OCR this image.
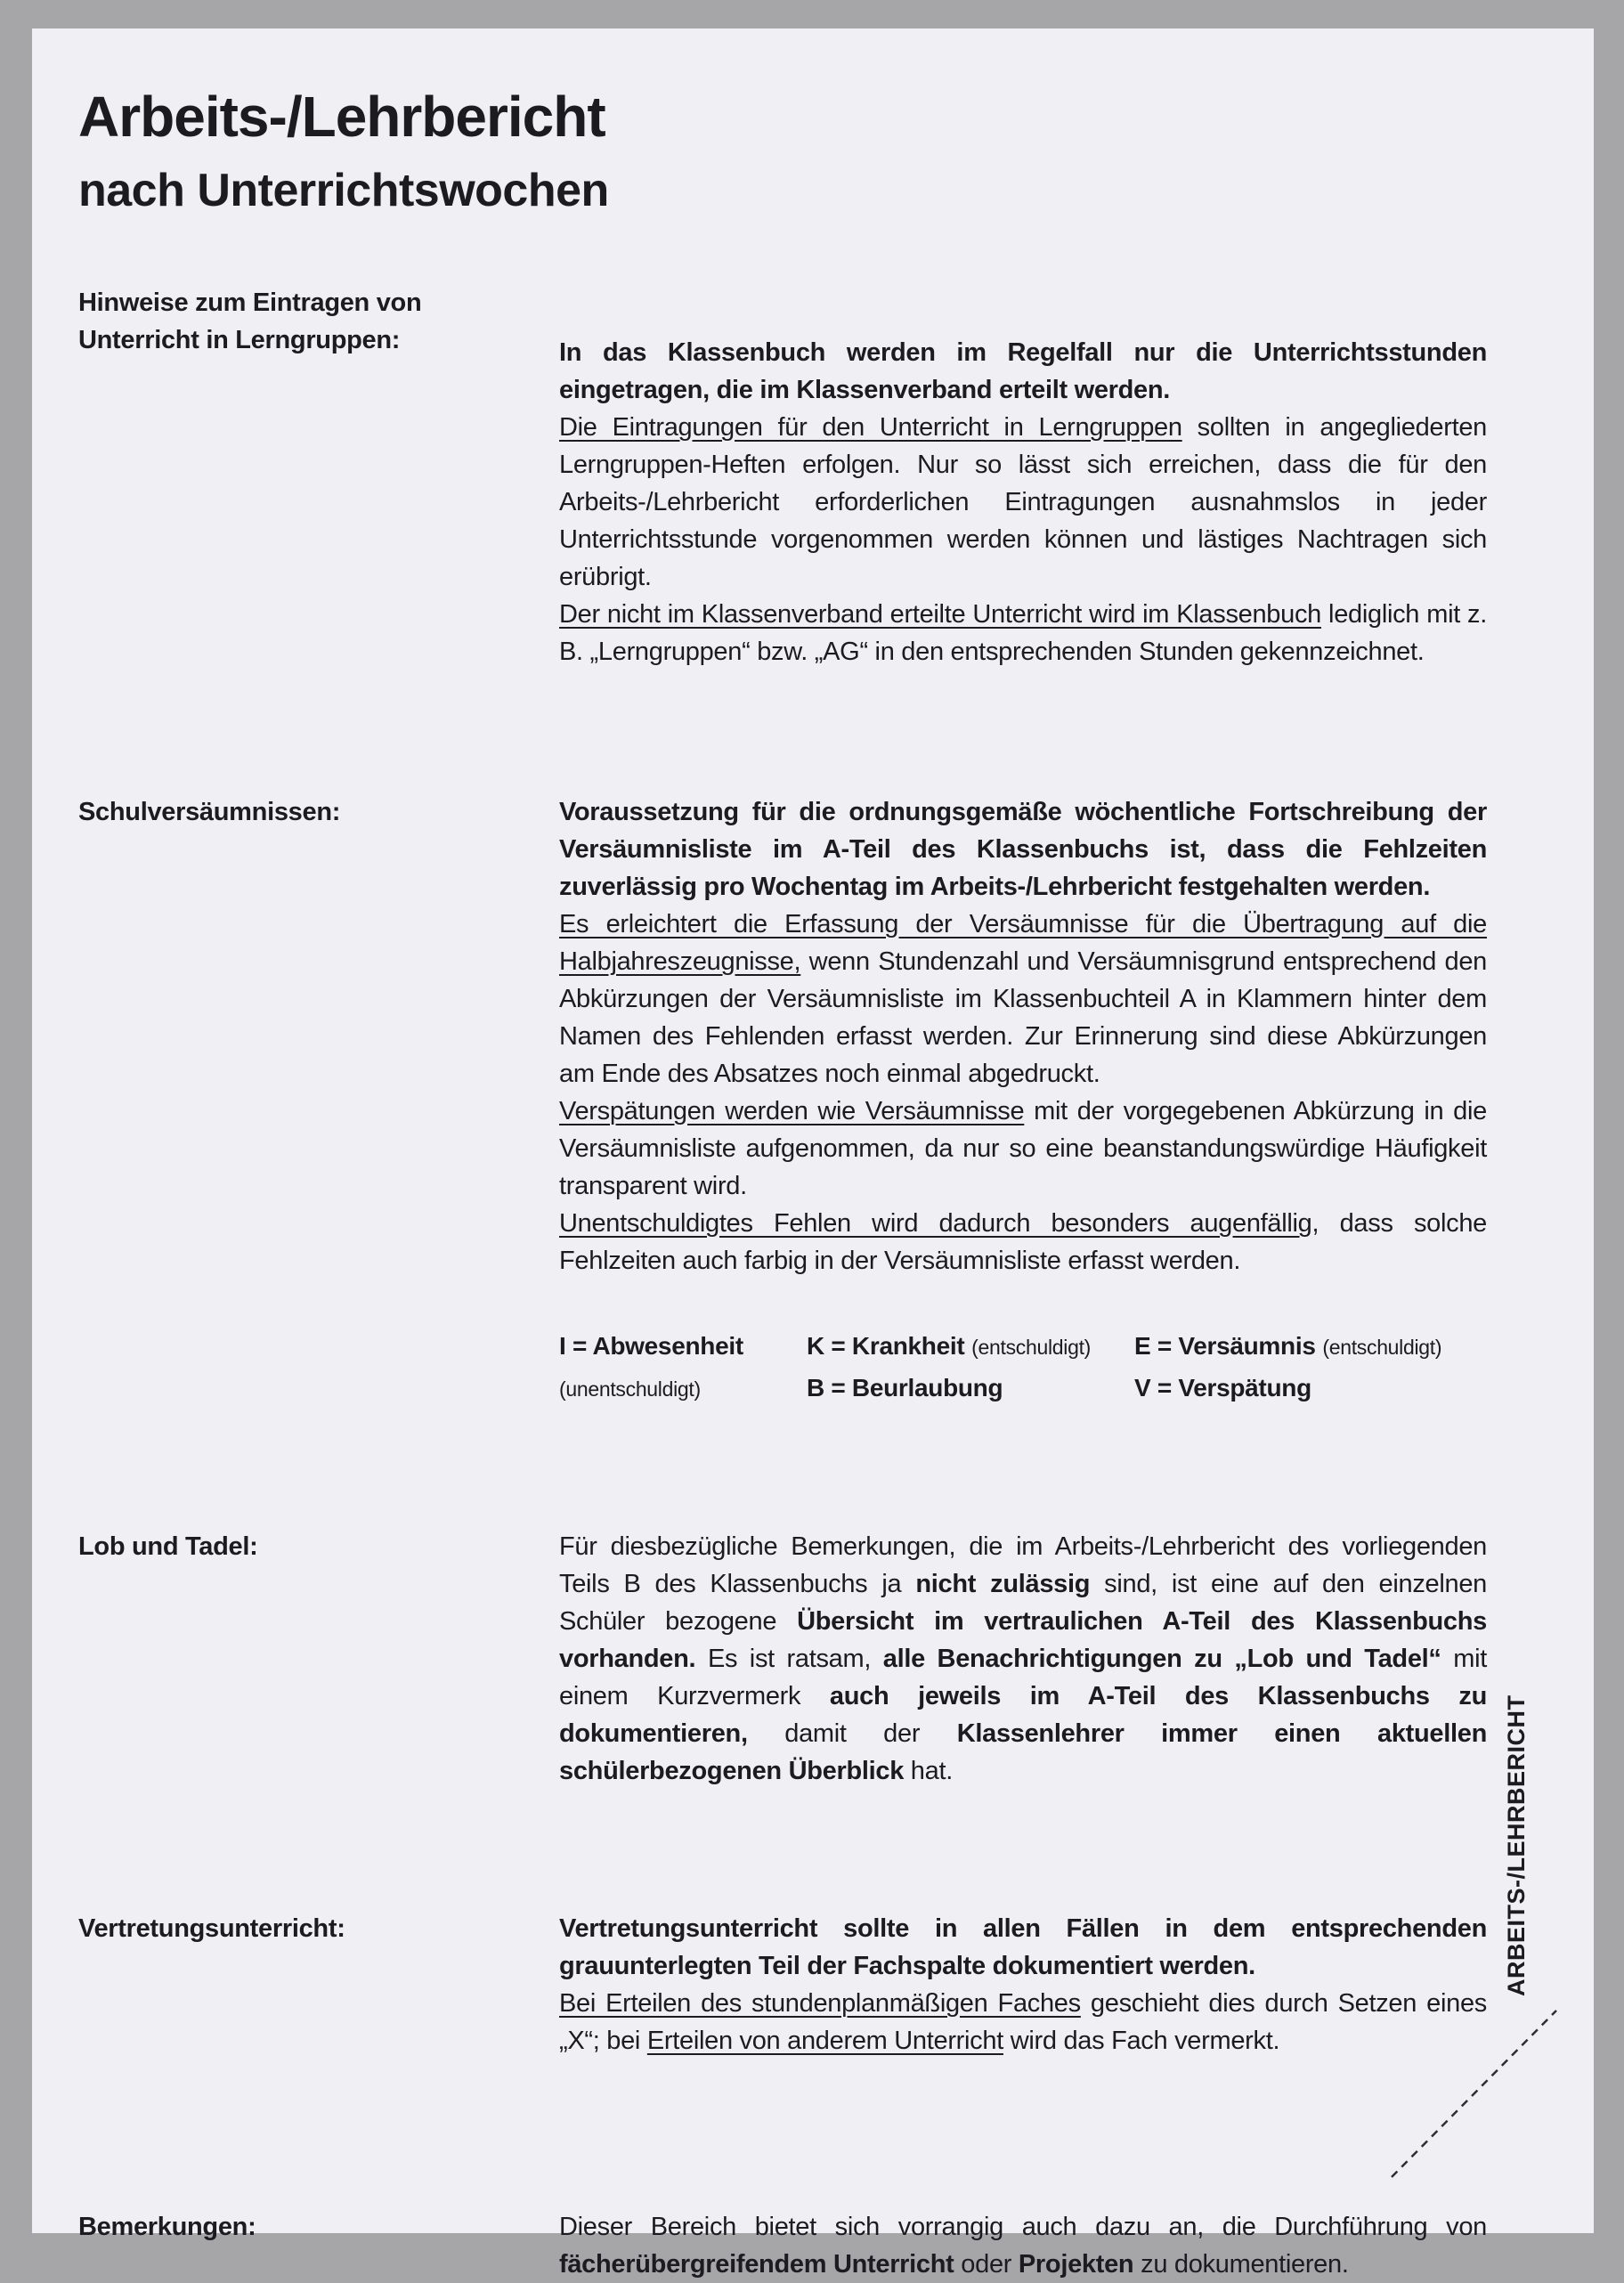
Arbeits-/Lehrbericht
nach Unterrichtswochen
Hinweise zum Eintragen von Unterricht in Lerngruppen:	In das Klassenbuch werden im Regelfall nur die Unterrichtsstunden eingetragen, die im Klassenverband erteilt werden.

Die Eintragungen für den Unterricht in Lerngruppen sollten in angegliederten Lerngruppen-Heften erfolgen. Nur so lässt sich erreichen, dass die für den Arbeits-/Lehrbericht erforderlichen Eintragungen ausnahmslos in jeder Unterrichtsstunde vorgenommen werden können und lästiges Nachtragen sich erübrigt.

Der nicht im Klassenverband erteilte Unterricht wird im Klassenbuch lediglich mit z. B. „Lerngruppen“ bzw. „AG“ in den entsprechenden Stunden gekennzeichnet.

Schulversäumnissen:	Voraussetzung für die ordnungsgemäße wöchentliche Fortschreibung der Versäumnisliste im A-Teil des Klassenbuchs ist, dass die Fehlzeiten zuverlässig pro Wochentag im Arbeits-/Lehrbericht festgehalten werden.

Es erleichtert die Erfassung der Versäumnisse für die Übertragung auf die Halbjahreszeugnisse, wenn Stundenzahl und Versäumnisgrund entsprechend den Abkürzungen der Versäumnisliste im Klassenbuchteil A in Klammern hinter dem Namen des Fehlenden erfasst werden. Zur Erinnerung sind diese Abkürzungen am Ende des Absatzes noch einmal abgedruckt.

Verspätungen werden wie Versäumnisse mit der vorgegebenen Abkürzung in die Versäumnisliste aufgenommen, da nur so eine beanstandungswürdige Häufigkeit transparent wird.

Unentschuldigtes Fehlen wird dadurch besonders augenfällig, dass solche Fehlzeiten auch farbig in der Versäumnisliste erfasst werden.

I = Abwesenheit	K = Krankheit (entschuldigt)	E = Versäumnis (entschuldigt)
(unentschuldigt)	B = Beurlaubung	V = Verspätung
Lob und Tadel:	Für diesbezügliche Bemerkungen, die im Arbeits-/Lehrbericht des vorliegenden Teils B des Klassenbuchs ja nicht zulässig sind, ist eine auf den einzelnen Schüler bezogene Übersicht im vertraulichen A-Teil des Klassenbuchs vorhanden. Es ist ratsam, alle Benachrichtigungen zu „Lob und Tadel“ mit einem Kurzvermerk auch jeweils im A-Teil des Klassenbuchs zu dokumentieren, damit der Klassenlehrer immer einen aktuellen schülerbezogenen Überblick hat.

Vertretungsunterricht:	Vertretungsunterricht sollte in allen Fällen in dem entsprechenden grauunterlegten Teil der Fachspalte dokumentiert werden.

Bei Erteilen des stundenplanmäßigen Faches geschieht dies durch Setzen eines „X“; bei Erteilen von anderem Unterricht wird das Fach vermerkt.

Bemerkungen:	Dieser Bereich bietet sich vorrangig auch dazu an, die Durchführung von fächerübergreifendem Unterricht oder Projekten zu dokumentieren.

ARBEITS-/LEHRBERICHT
